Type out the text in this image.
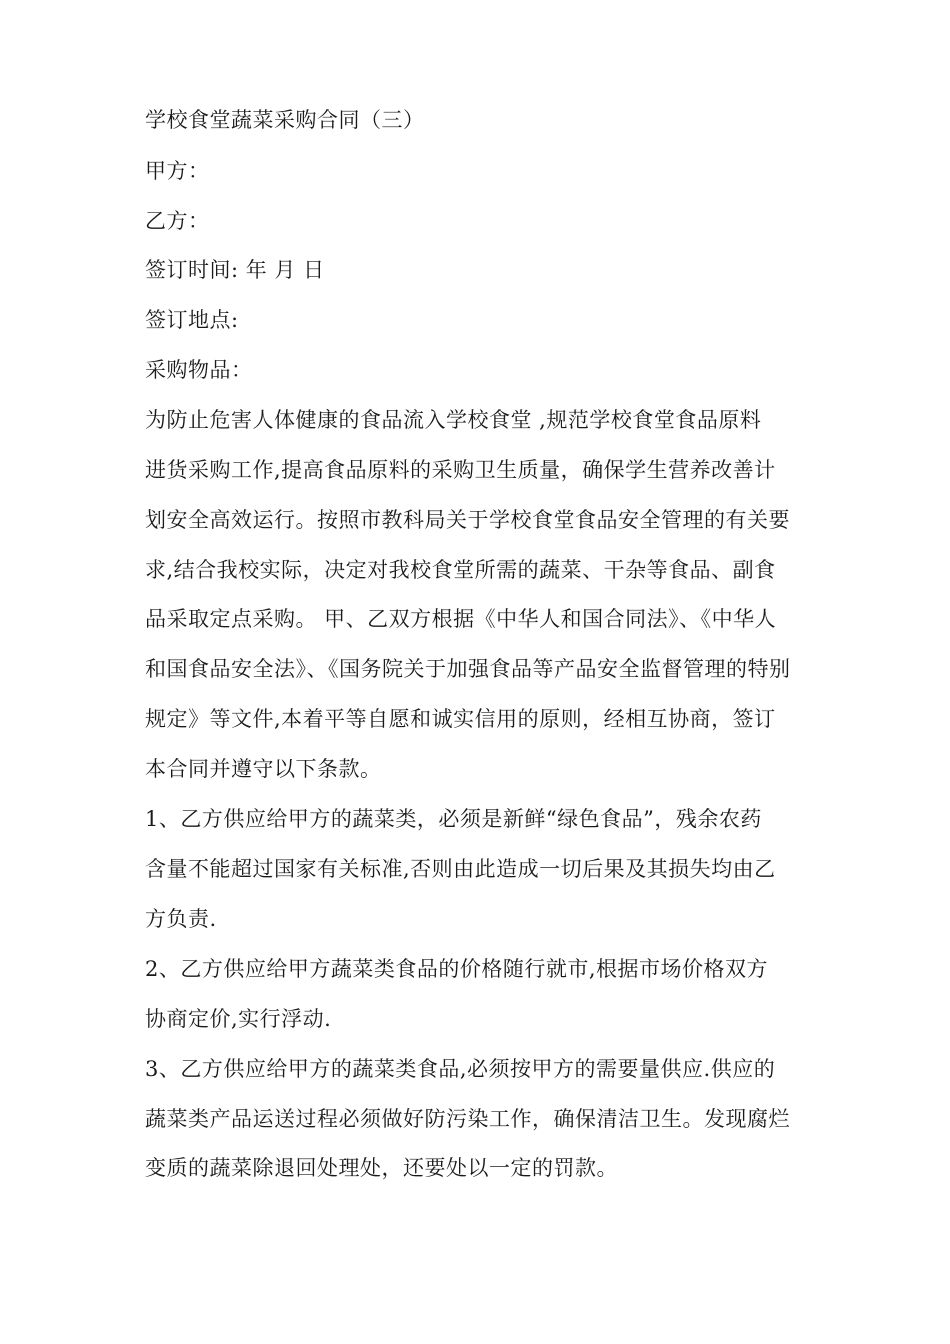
学校食堂蔬菜采购合同（三）
甲方：
乙方：
签订时间: 年 月 日
签订地点:
采购物品：
为防止危害人体健康的食品流入学校食堂 ,规范学校食堂食品原料
进货采购工作,提高食品原料的采购卫生质量，确保学生营养改善计
划安全高效运行。按照市教科局关于学校食堂食品安全管理的有关要
求,结合我校实际，决定对我校食堂所需的蔬菜、干杂等食品、副食
品采取定点采购。 甲、乙双方根据《中华人和国合同法》、《中华人
和国食品安全法》、《国务院关于加强食品等产品安全监督管理的特别
规定》等文件,本着平等自愿和诚实信用的原则，经相互协商，签订
本合同并遵守以下条款。
1、乙方供应给甲方的蔬菜类，必须是新鲜“绿色食品”，残余农药
含量不能超过国家有关标准,否则由此造成一切后果及其损失均由乙
方负责.
2、乙方供应给甲方蔬菜类食品的价格随行就市,根据市场价格双方
协商定价,实行浮动.
3、乙方供应给甲方的蔬菜类食品,必须按甲方的需要量供应.供应的
蔬菜类产品运送过程必须做好防污染工作，确保清洁卫生。发现腐烂
变质的蔬菜除退回处理处，还要处以一定的罚款。
